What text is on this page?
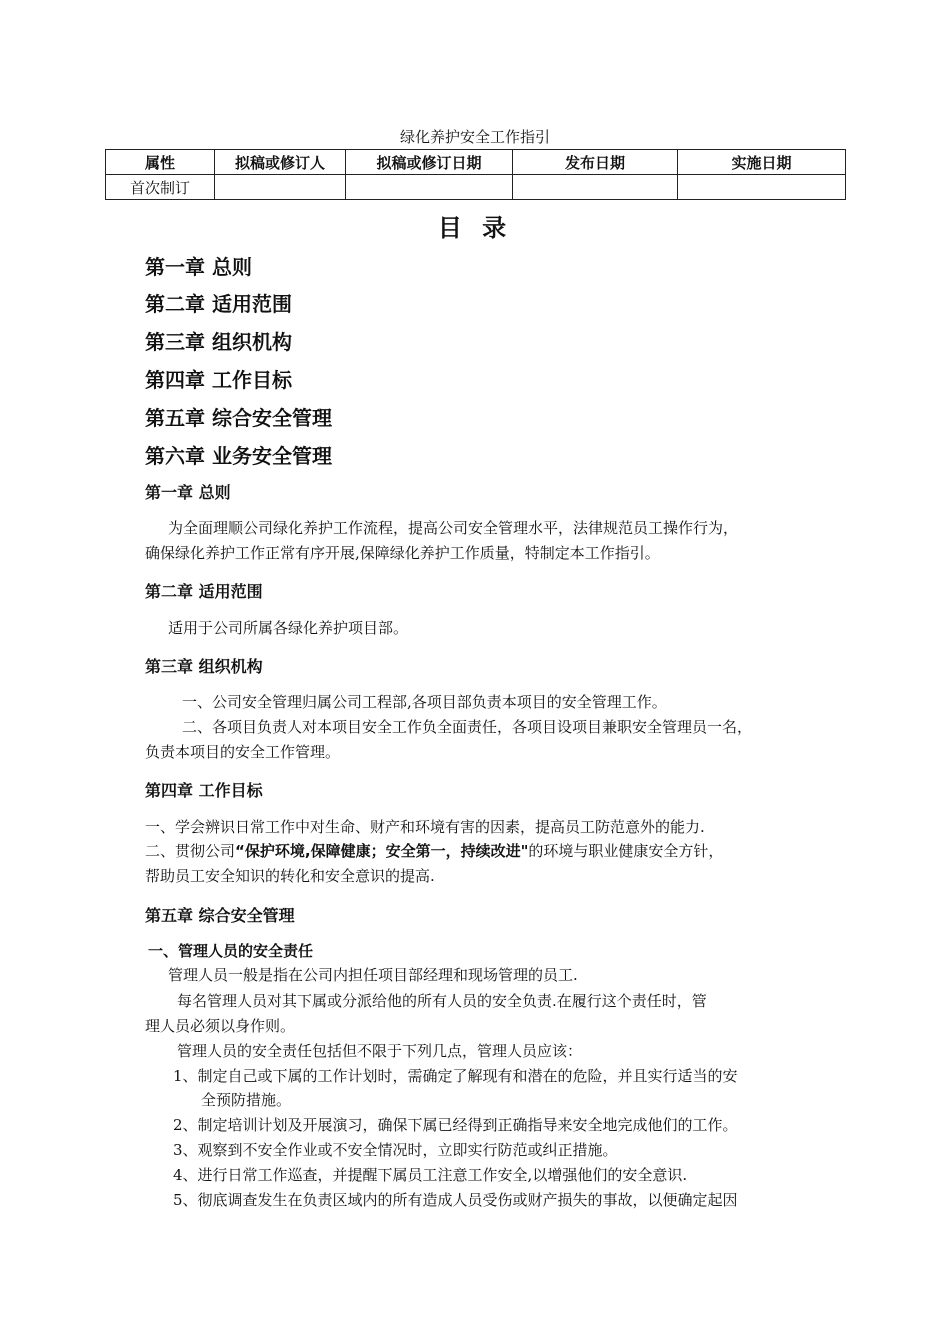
绿化养护安全工作指引
属性	拟稿或修订人	拟稿或修订日期	发布日期	实施日期
首次制订				
目 录
第一章 总则
第二章 适用范围
第三章 组织机构
第四章 工作目标
第五章 综合安全管理
第六章 业务安全管理
第一章 总则
为全面理顺公司绿化养护工作流程，提高公司安全管理水平，法律规范员工操作行为，
确保绿化养护工作正常有序开展,保障绿化养护工作质量，特制定本工作指引。
第二章 适用范围
适用于公司所属各绿化养护项目部。
第三章 组织机构
一、公司安全管理归属公司工程部,各项目部负责本项目的安全管理工作。
二、各项目负责人对本项目安全工作负全面责任，各项目设项目兼职安全管理员一名，
负责本项目的安全工作管理。
第四章 工作目标
一、学会辨识日常工作中对生命、财产和环境有害的因素，提高员工防范意外的能力.
二、贯彻公司“保护环境,保障健康；安全第一，持续改进"的环境与职业健康安全方针，
帮助员工安全知识的转化和安全意识的提高.
第五章 综合安全管理
一、管理人员的安全责任
管理人员一般是指在公司内担任项目部经理和现场管理的员工.
每名管理人员对其下属或分派给他的所有人员的安全负责.在履行这个责任时，管
理人员必须以身作则。
管理人员的安全责任包括但不限于下列几点，管理人员应该：
1、制定自己或下属的工作计划时，需确定了解现有和潜在的危险，并且实行适当的安
全预防措施。
2、制定培训计划及开展演习，确保下属已经得到正确指导来安全地完成他们的工作。
3、观察到不安全作业或不安全情况时，立即实行防范或纠正措施。
4、进行日常工作巡查，并提醒下属员工注意工作安全,以增强他们的安全意识.
5、彻底调查发生在负责区域内的所有造成人员受伤或财产损失的事故，以便确定起因
